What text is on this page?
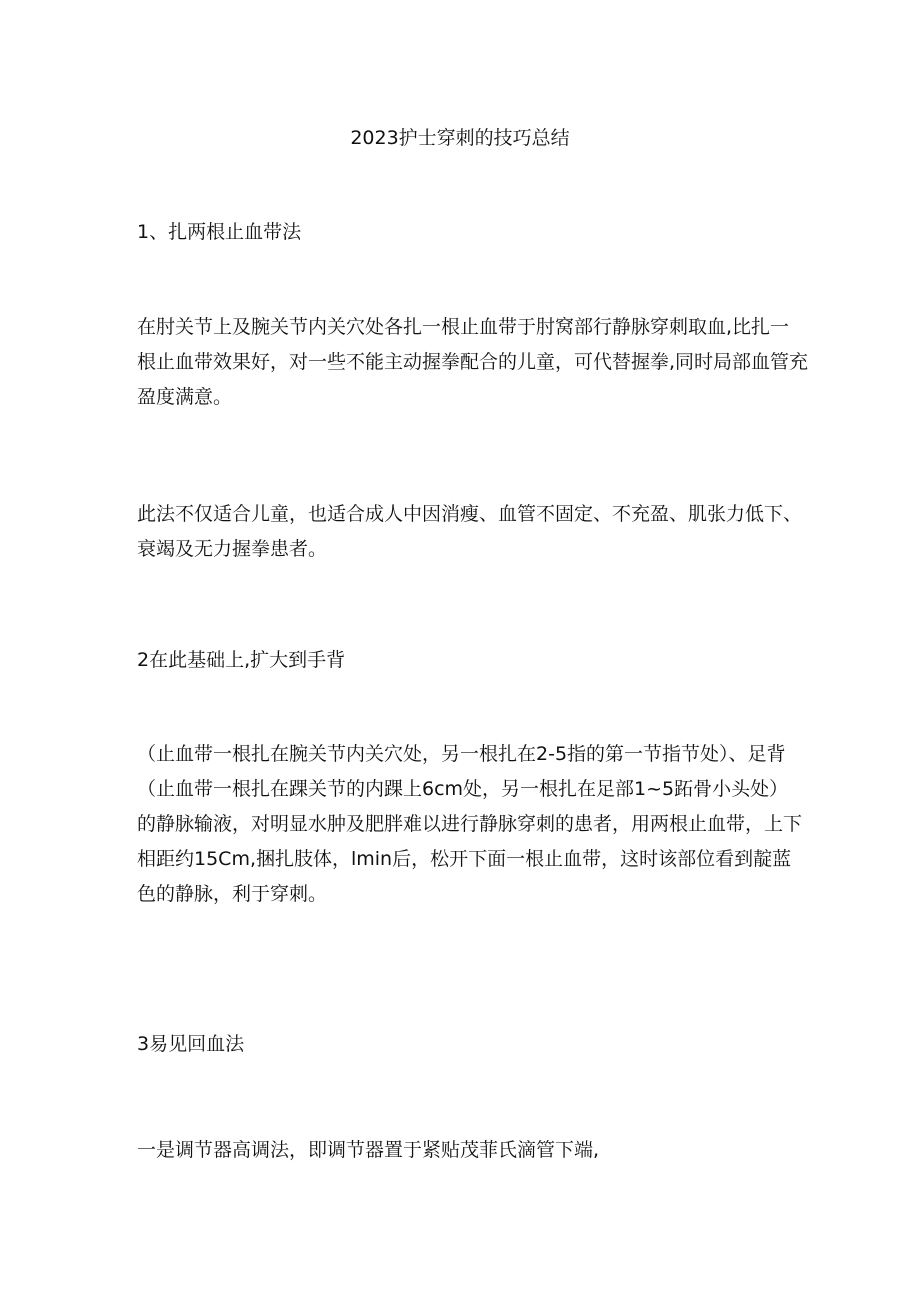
2023护士穿刺的技巧总结
1、扎两根止血带法

在肘关节上及腕关节内关穴处各扎一根止血带于肘窝部行静脉穿刺取血,比扎一
根止血带效果好，对一些不能主动握拳配合的儿童，可代替握拳,同时局部血管充
盈度满意。

此法不仅适合儿童，也适合成人中因消瘦、血管不固定、不充盈、肌张力低下、
衰竭及无力握拳患者。

2在此基础上,扩大到手背

（止血带一根扎在腕关节内关穴处，另一根扎在2-5指的第一节指节处）、足背
（止血带一根扎在踝关节的内踝上6cm处，另一根扎在足部1~5跖骨小头处）
的静脉输液，对明显水肿及肥胖难以进行静脉穿刺的患者，用两根止血带，上下
相距约15Cm,捆扎肢体，lmin后，松开下面一根止血带，这时该部位看到靛蓝
色的静脉，利于穿刺。

3易见回血法

一是调节器高调法，即调节器置于紧贴茂菲氏滴管下端,
